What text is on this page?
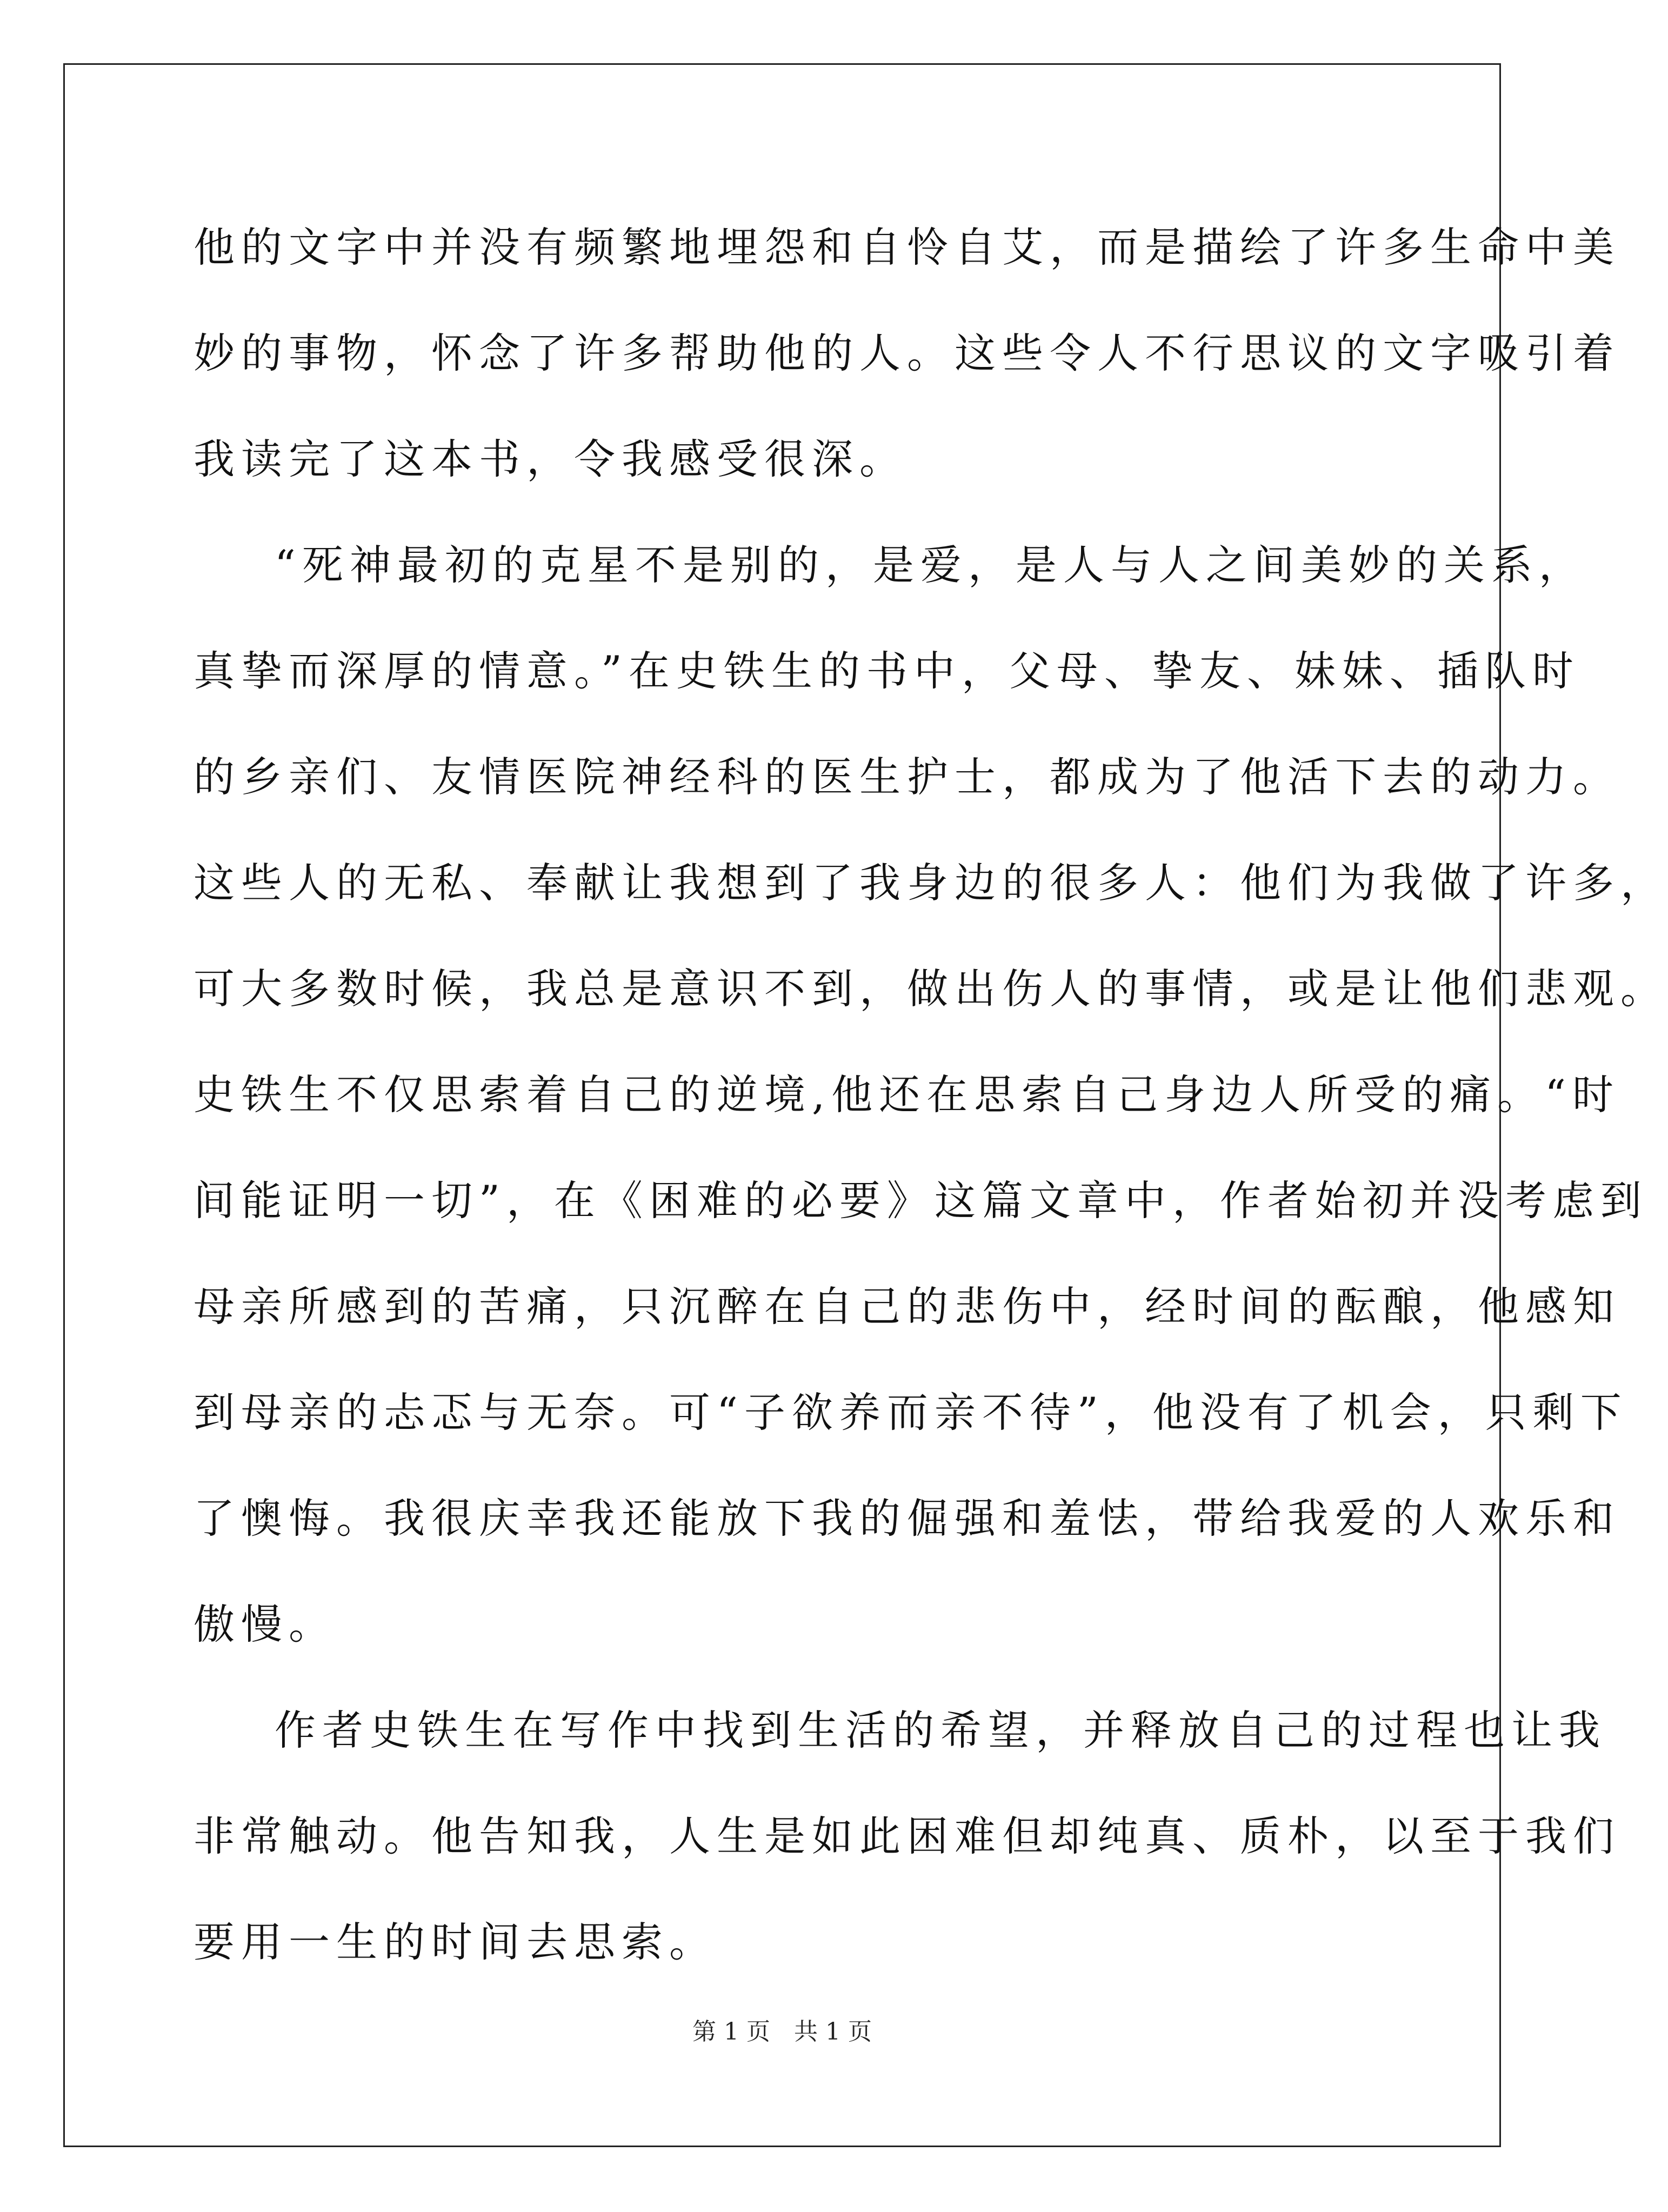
他的文字中并没有频繁地埋怨和自怜自艾，而是描绘了许多生命中美
妙的事物，怀念了许多帮助他的人。这些令人不行思议的文字吸引着
我读完了这本书，令我感受很深。
“死神最初的克星不是别的，是爱，是人与人之间美妙的关系，
真挚而深厚的情意。”在史铁生的书中，父母、挚友、妹妹、插队时
的乡亲们、友情医院神经科的医生护士，都成为了他活下去的动力。
这些人的无私、奉献让我想到了我身边的很多人：他们为我做了许多，
可大多数时候，我总是意识不到，做出伤人的事情，或是让他们悲观。
史铁生不仅思索着自己的逆境,他还在思索自己身边人所受的痛。“时
间能证明一切”，在《困难的必要》这篇文章中，作者始初并没考虑到
母亲所感到的苦痛，只沉醉在自己的悲伤中，经时间的酝酿，他感知
到母亲的忐忑与无奈。可“子欲养而亲不待”，他没有了机会，只剩下
了懊悔。我很庆幸我还能放下我的倔强和羞怯，带给我爱的人欢乐和
傲慢。
作者史铁生在写作中找到生活的希望，并释放自己的过程也让我
非常触动。他告知我，人生是如此困难但却纯真、质朴，以至于我们
要用一生的时间去思索。
第 1 页 共 1 页
